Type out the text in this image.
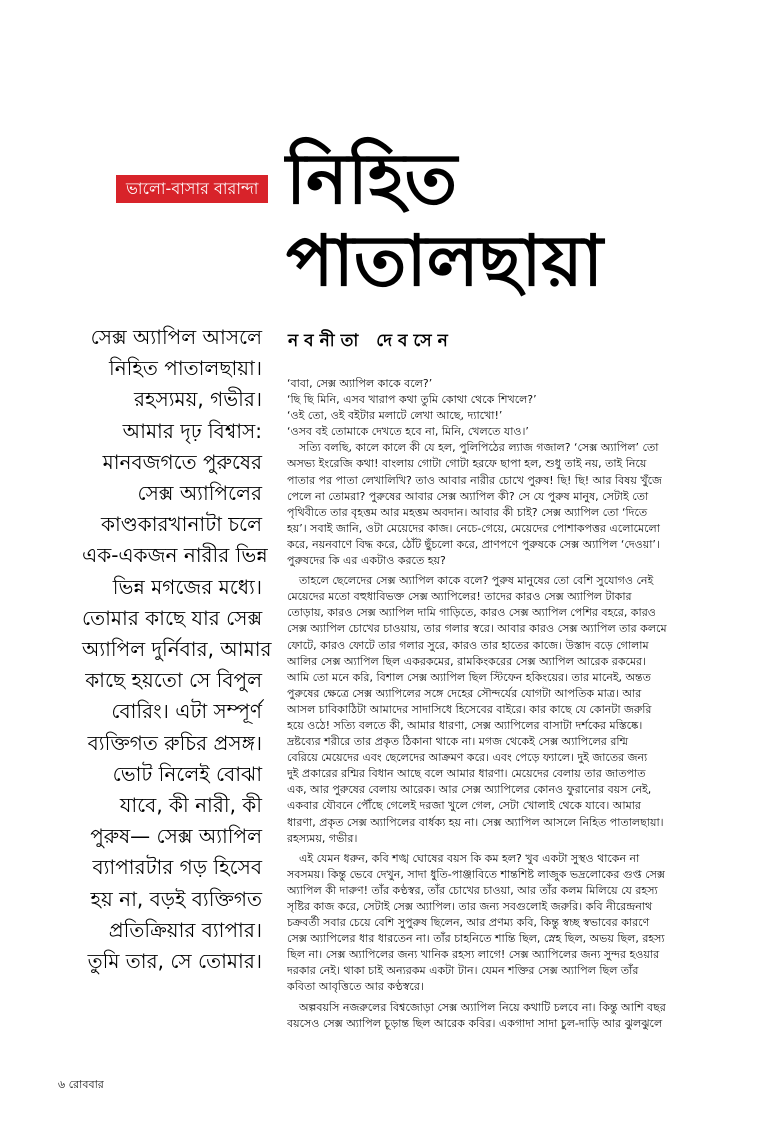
ভালো-বাসার বারান্দা নিহিত
পাতালছায়া
নবনীতা দেবসেন
সেক্স অ্যাপিল আসলে
নিহিত পাতালছায়া।
রহস্যময়, গভীর।
আমার দৃঢ় বিশ্বাস:
মানবজগতে পুরুষের
সেক্স অ্যাপিলের
কাণ্ডকারখানাটা চলে
এক-একজন নারীর ভিন্ন
ভিন্ন মগজের মধ্যে।
তোমার কাছে যার সেক্স
অ্যাপিল দুর্নিবার, আমার
কাছে হয়তো সে বিপুল
বোরিং। এটা সম্পূর্ণ
ব্যক্তিগত রুচির প্রসঙ্গ।
ভোট নিলেই বোঝা
যাবে, কী নারী, কী
পুরুষ— সেক্স অ্যাপিল
ব্যাপারটার গড় হিসেব
হয় না, বড়ই ব্যক্তিগত
প্রতিক্রিয়ার ব্যাপার।
তুমি তার, সে তোমার।
‘বাবা, সেক্স অ্যাপিল কাকে বলে?’
‘ছি ছি মিনি, এসব খারাপ কথা তুমি কোথা থেকে শিখলে?’
‘ওই তো, ওই বইটার মলাটে লেখা আছে, দ্যাখো!’
‘ওসব বই তোমাকে দেখতে হবে না, মিনি, খেলতে যাও।’
সত্যি বলছি, কালে কালে কী যে হল, পুলিপিঠের ল্যাজ গজাল? ‘সেক্স অ্যাপিল’ তো
অসভ্য ইংরেজি কথা! বাংলায় গোটা গোটা হরফে ছাপা হল, শুধু তাই নয়, তাই নিয়ে
পাতার পর পাতা লেখালিখি? তাও আবার নারীর চোখে পুরুষ! ছি! ছি! আর বিষয় খুঁজে
পেলে না তোমরা? পুরুষের আবার সেক্স অ্যাপিল কী? সে যে পুরুষ মানুষ, সেটাই তো
পৃথিবীতে তার বৃহত্তম আর মহত্তম অবদান। আবার কী চাই? সেক্স অ্যাপিল তো ‘দিতে
হয়’। সবাই জানি, ওটা মেয়েদের কাজ। নেচে-গেয়ে, মেয়েদের পোশাকপত্তর এলোমেলো
করে, নয়নবাণে বিদ্ধ করে, ঠোঁট ছুঁচলো করে, প্রাণপণে পুরুষকে সেক্স অ্যাপিল ‘দেওয়া’।
পুরুষদের কি এর একটাও করতে হয়?
তাহলে ছেলেদের সেক্স অ্যাপিল কাকে বলে? পুরুষ মানুষের তো বেশি সুযোগও নেই
মেয়েদের মতো বহুধাবিভক্ত সেক্স অ্যাপিলের! তাদের কারও সেক্স অ্যাপিল টাকার
তোড়ায়, কারও সেক্স অ্যাপিল দামি গাড়িতে, কারও সেক্স অ্যাপিল পেশির বহরে, কারও
সেক্স অ্যাপিল চোখের চাওয়ায়, তার গলার স্বরে। আবার কারও সেক্স অ্যাপিল তার কলমে
ফোটে, কারও ফোটে তার গলার সুরে, কারও তার হাতের কাজে। উস্তাদ বড়ে গোলাম
আলির সেক্স অ্যাপিল ছিল একরকমের, রামকিংকরের সেক্স অ্যাপিল আরেক রকমের।
আমি তো মনে করি, বিশাল সেক্স অ্যাপিল ছিল স্টিফেন হকিংয়ের। তার মানেই, অন্তত
পুরুষের ক্ষেত্রে সেক্স অ্যাপিলের সঙ্গে দেহের সৌন্দর্যের যোগটা আপতিক মাত্র। আর
আসল চাবিকাঠিটা আমাদের সাদাসিধে হিসেবের বাইরে। কার কাছে যে কোনটা জরুরি
হয়ে ওঠে! সত্যি বলতে কী, আমার ধারণা, সেক্স অ্যাপিলের বাসাটা দর্শকের মস্তিষ্কে।
দ্রষ্টব্যের শরীরে তার প্রকৃত ঠিকানা থাকে না। মগজ থেকেই সেক্স অ্যাপিলের রশ্মি
বেরিয়ে মেয়েদের এবং ছেলেদের আক্রমণ করে। এবং পেড়ে ফ্যালে। দুই জাতের জন্য
দুই প্রকারের রশ্মির বিধান আছে বলে আমার ধারণা। মেয়েদের বেলায় তার জাতপাত
এক, আর পুরুষের বেলায় আরেক। আর সেক্স অ্যাপিলের কোনও ফুরানোর বয়স নেই,
একবার যৌবনে পৌঁছে গেলেই দরজা খুলে গেল, সেটা খোলাই থেকে যাবে। আমার
ধারণা, প্রকৃত সেক্স অ্যাপিলের বার্ধক্য হয় না। সেক্স অ্যাপিল আসলে নিহিত পাতালছায়া।
রহস্যময়, গভীর।
এই যেমন ধরুন, কবি শঙ্খ ঘোষের বয়স কি কম হল? খুব একটা সুস্থও থাকেন না
সবসময়। কিন্তু ভেবে দেখুন, সাদা ধুতি-পাঞ্জাবিতে শান্তশিষ্ট লাজুক ভদ্রলোকের গুপ্ত সেক্স
অ্যাপিল কী দারুণ! তাঁর কণ্ঠস্বর, তাঁর চোখের চাওয়া, আর তাঁর কলম মিলিয়ে যে রহস্য
সৃষ্টির কাজ করে, সেটাই সেক্স অ্যাপিল। তার জন্য সবগুলোই জরুরি। কবি নীরেন্দ্রনাথ
চক্রবর্তী সবার চেয়ে বেশি সুপুরুষ ছিলেন, আর প্রণম্য কবি, কিন্তু স্বচ্ছ স্বভাবের কারণে
সেক্স অ্যাপিলের ধার ধারতেন না। তাঁর চাহনিতে শান্তি ছিল, স্নেহ ছিল, অভয় ছিল, রহস্য
ছিল না। সেক্স অ্যাপিলের জন্য খানিক রহস্য লাগে! সেক্স অ্যাপিলের জন্য সুন্দর হওয়ার
দরকার নেই। থাকা চাই অন্যরকম একটা টান। যেমন শক্তির সেক্স অ্যাপিল ছিল তাঁর
কবিতা আবৃত্তিতে আর কণ্ঠস্বরে।
অল্পবয়সি নজরুলের বিশ্বজোড়া সেক্স অ্যাপিল নিয়ে কথাটি চলবে না। কিন্তু আশি বছর
বয়সেও সেক্স অ্যাপিল চূড়ান্ত ছিল আরেক কবির। একগাদা সাদা চুল-দাড়ি আর ঝুলঝুলে
৬ রোববার
